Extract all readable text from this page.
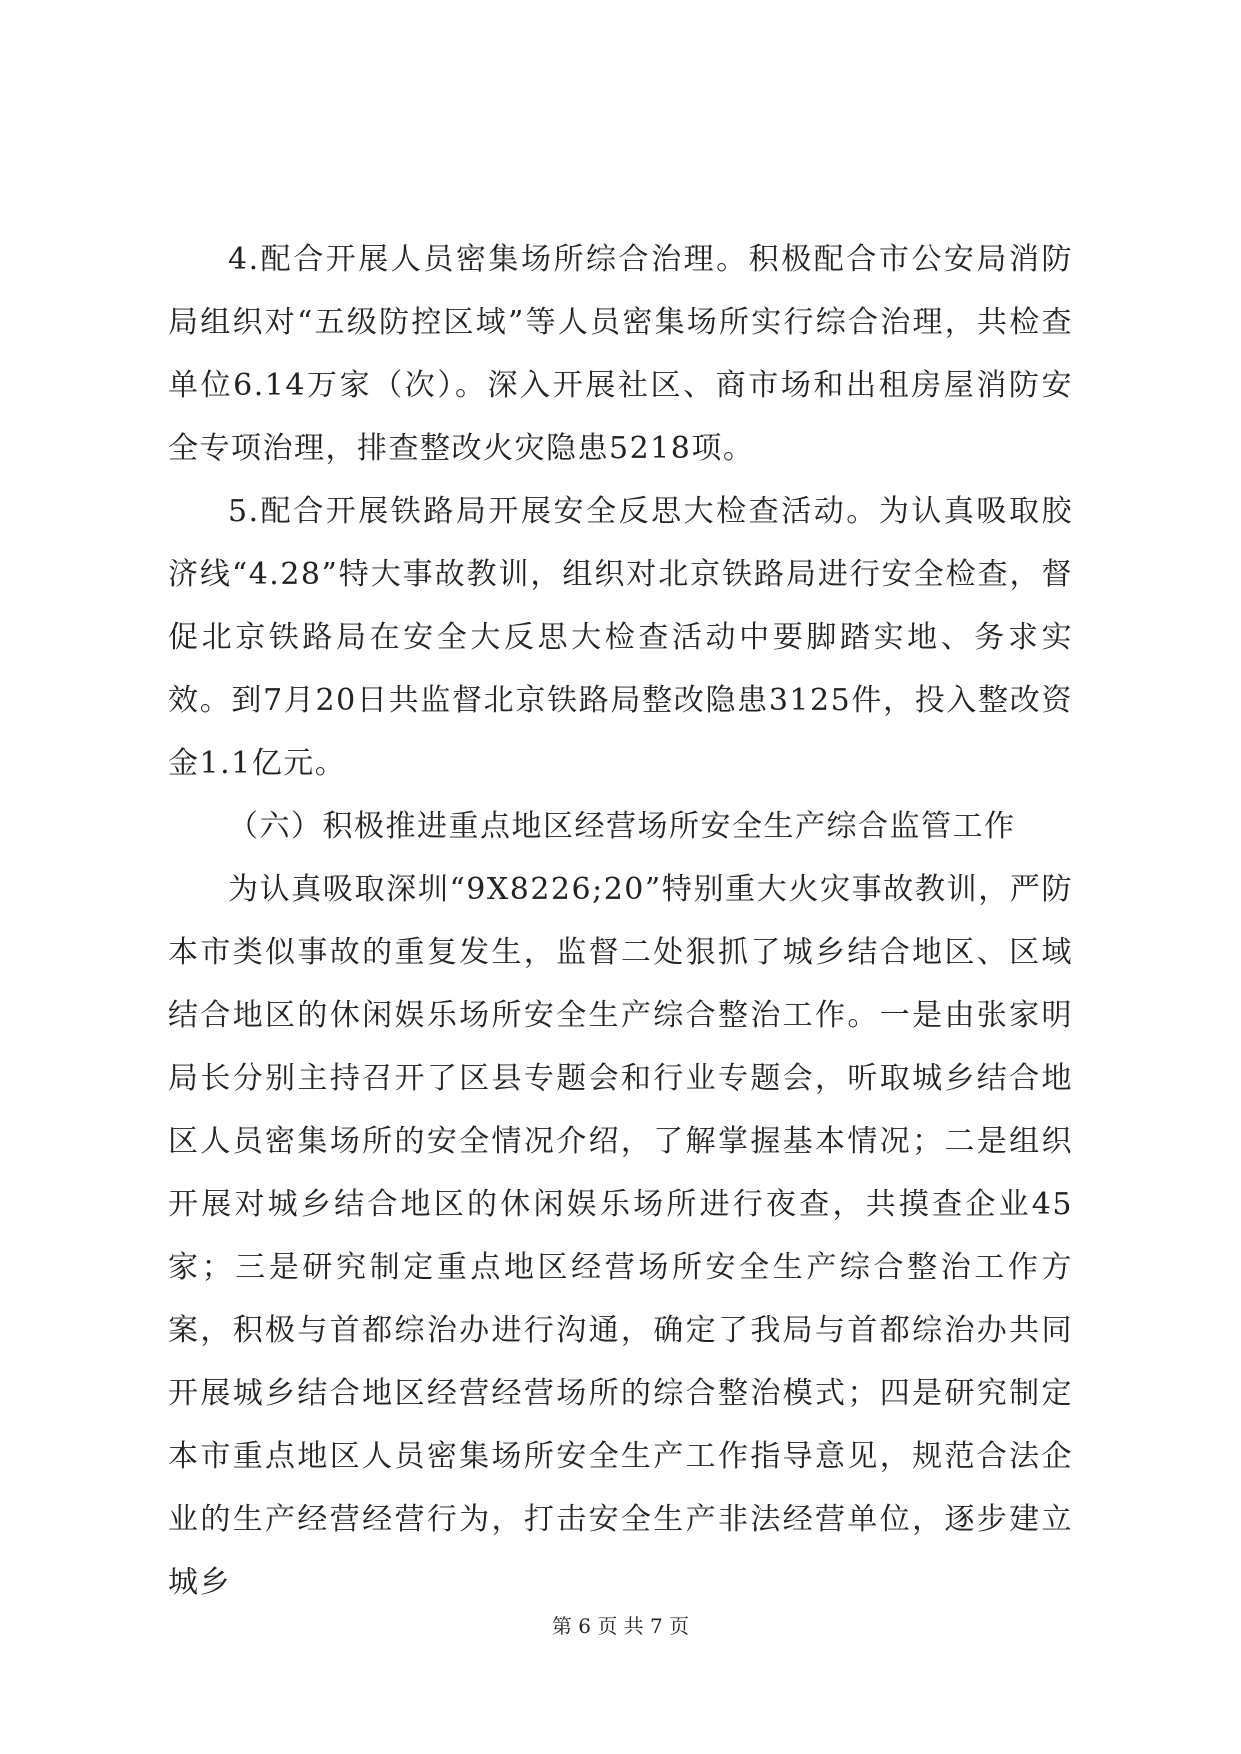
4.配合开展人员密集场所综合治理。积极配合市公安局消防局组织对“五级防控区域”等人员密集场所实行综合治理，共检查单位6.14万家（次）。深入开展社区、商市场和出租房屋消防安全专项治理，排查整改火灾隐患5218项。

5.配合开展铁路局开展安全反思大检查活动。为认真吸取胶济线“4.28”特大事故教训，组织对北京铁路局进行安全检查，督促北京铁路局在安全大反思大检查活动中要脚踏实地、务求实效。到7月20日共监督北京铁路局整改隐患3125件，投入整改资金1.1亿元。

（六）积极推进重点地区经营场所安全生产综合监管工作

为认真吸取深圳“9X8226;20”特别重大火灾事故教训，严防本市类似事故的重复发生，监督二处狠抓了城乡结合地区、区域结合地区的休闲娱乐场所安全生产综合整治工作。一是由张家明局长分别主持召开了区县专题会和行业专题会，听取城乡结合地区人员密集场所的安全情况介绍，了解掌握基本情况；二是组织开展对城乡结合地区的休闲娱乐场所进行夜查，共摸查企业45家；三是研究制定重点地区经营场所安全生产综合整治工作方案，积极与首都综治办进行沟通，确定了我局与首都综治办共同开展城乡结合地区经营经营场所的综合整治模式；四是研究制定本市重点地区人员密集场所安全生产工作指导意见，规范合法企业的生产经营经营行为，打击安全生产非法经营单位，逐步建立城乡

第 6 页 共 7 页
